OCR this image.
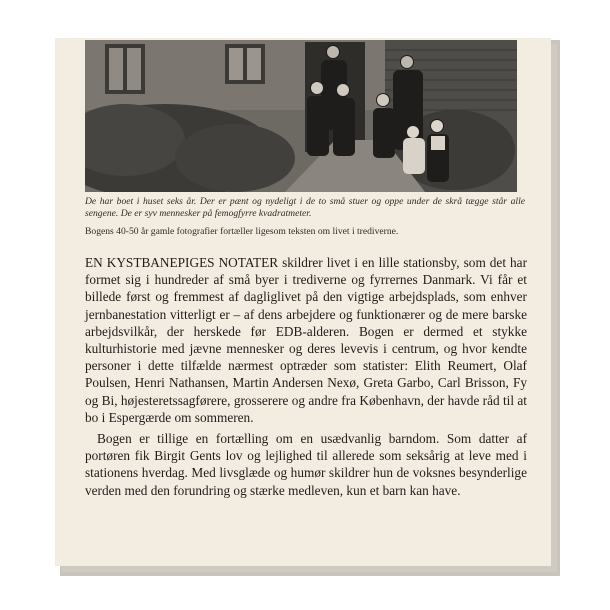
De har boet i huset seks år. Der er pænt og nydeligt i de to små stuer og oppe under de skrå tægge står alle sengene. De er syv mennesker på femogfyrre kvadratmeter.
Bogens 40-50 år gamle fotografier fortæller ligesom teksten om livet i trediverne.

EN KYSTBANEPIGES NOTATER skildrer livet i en lille stationsby, som det har formet sig i hundreder af små byer i trediverne og fyrrernes Danmark. Vi får et billede først og fremmest af dagliglivet på den vigtige arbejdsplads, som enhver jernbanestation vitterligt er – af dens arbejdere og funktionærer og de mere barske arbejdsvilkår, der herskede før EDB-alderen. Bogen er dermed et stykke kulturhistorie med jævne mennesker og deres levevis i centrum, og hvor kendte personer i dette tilfælde nærmest optræder som statister: Elith Reumert, Olaf Poulsen, Henri Nathansen, Martin Andersen Nexø, Greta Garbo, Carl Brisson, Fy og Bi, højesteretssagførere, grosserere og andre fra København, der havde råd til at bo i Espergærde om sommeren.

Bogen er tillige en fortælling om en usædvanlig barndom. Som datter af portøren fik Birgit Gents lov og lejlighed til allerede som seksårig at leve med i stationens hverdag. Med livsglæde og humør skildrer hun de voksnes besynderlige verden med den forundring og stærke medleven, kun et barn kan have.
